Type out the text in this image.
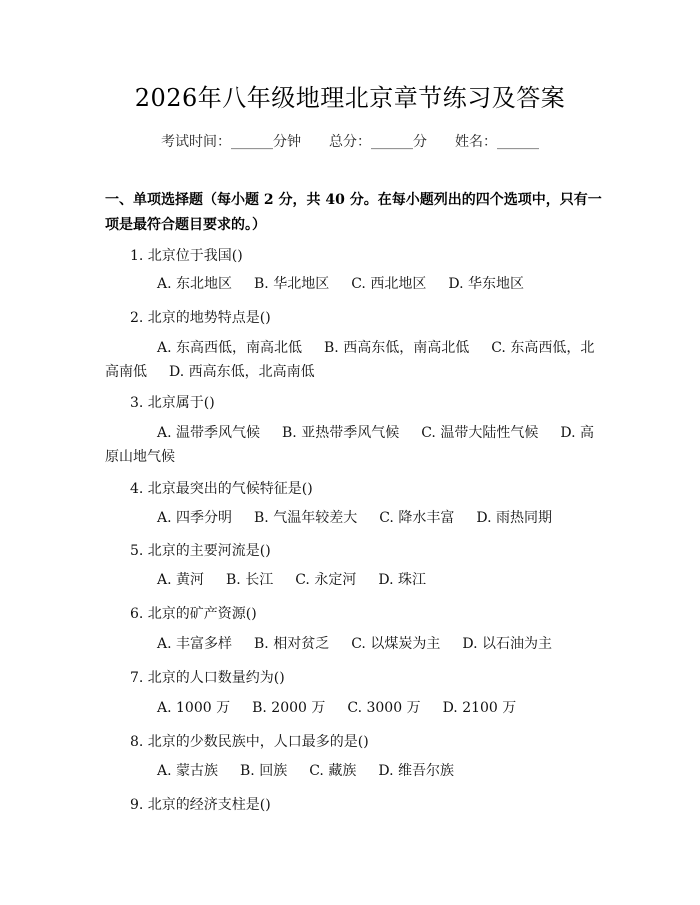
2026年八年级地理北京章节练习及答案
考试时间：______分钟 总分：______分 姓名：______
一、单项选择题（每小题 2 分，共 40 分。在每小题列出的四个选项中，只有一项是最符合题目要求的。）
1. 北京位于我国()
A. 东北地区 B. 华北地区 C. 西北地区 D. 华东地区
2. 北京的地势特点是()
A. 东高西低，南高北低 B. 西高东低，南高北低 C. 东高西低，北高南低 D. 西高东低，北高南低
3. 北京属于()
A. 温带季风气候 B. 亚热带季风气候 C. 温带大陆性气候 D. 高原山地气候
4. 北京最突出的气候特征是()
A. 四季分明 B. 气温年较差大 C. 降水丰富 D. 雨热同期
5. 北京的主要河流是()
A. 黄河 B. 长江 C. 永定河 D. 珠江
6. 北京的矿产资源()
A. 丰富多样 B. 相对贫乏 C. 以煤炭为主 D. 以石油为主
7. 北京的人口数量约为()
A. 1000 万 B. 2000 万 C. 3000 万 D. 2100 万
8. 北京的少数民族中，人口最多的是()
A. 蒙古族 B. 回族 C. 藏族 D. 维吾尔族
9. 北京的经济支柱是()
